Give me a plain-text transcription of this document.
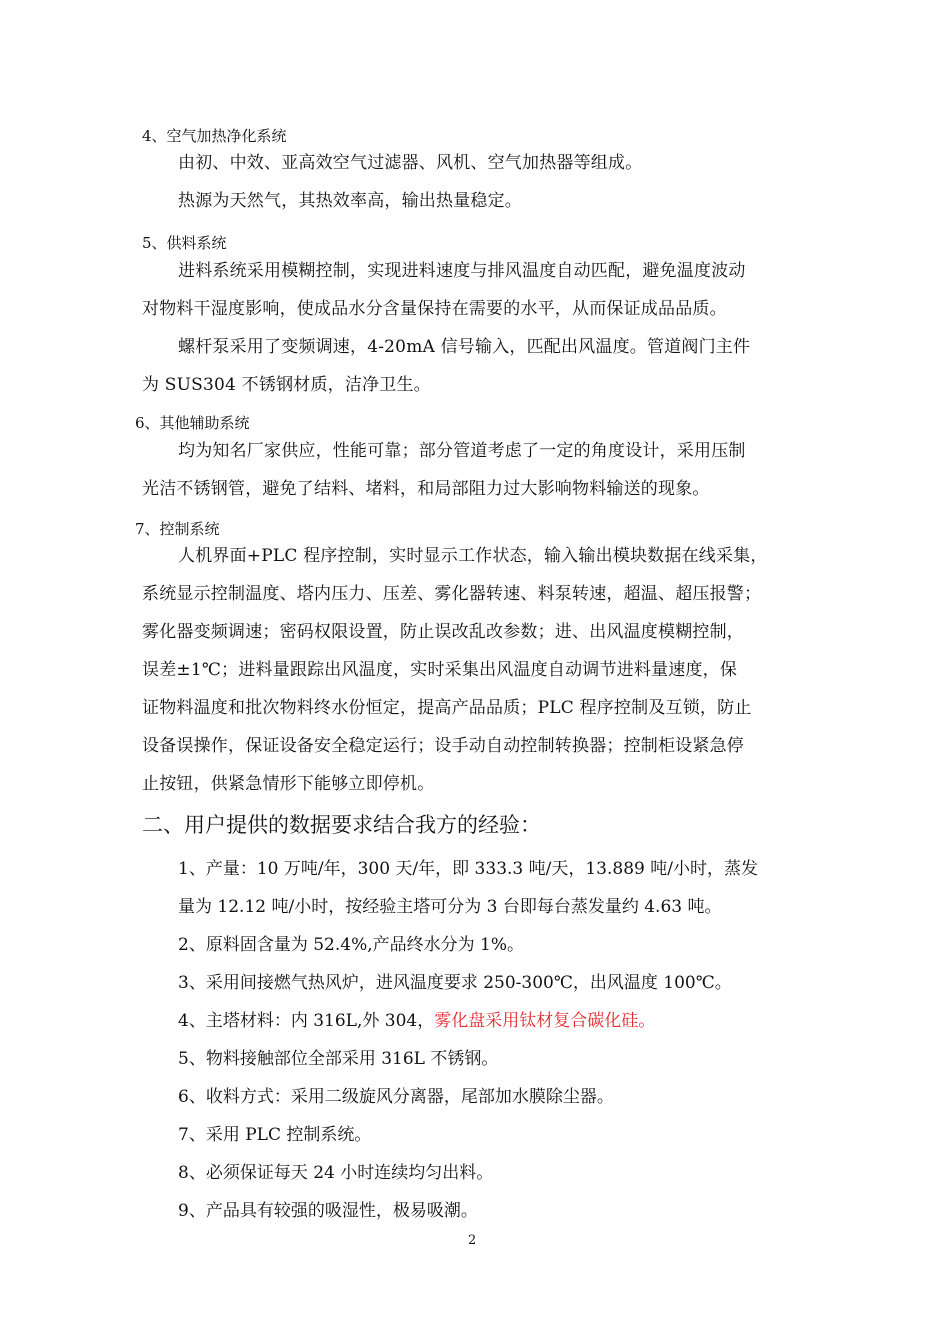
4、空气加热净化系统
由初、中效、亚高效空气过滤器、风机、空气加热器等组成。
热源为天然气，其热效率高，输出热量稳定。
5、供料系统
进料系统采用模糊控制，实现进料速度与排风温度自动匹配，避免温度波动
对物料干湿度影响，使成品水分含量保持在需要的水平，从而保证成品品质。
螺杆泵采用了变频调速，4-20mA 信号输入，匹配出风温度。管道阀门主件
为 SUS304 不锈钢材质，洁净卫生。
6、其他辅助系统
均为知名厂家供应，性能可靠；部分管道考虑了一定的角度设计，采用压制
光洁不锈钢管，避免了结料、堵料，和局部阻力过大影响物料输送的现象。
7、控制系统
人机界面+PLC 程序控制，实时显示工作状态，输入输出模块数据在线采集，
系统显示控制温度、塔内压力、压差、雾化器转速、料泵转速，超温、超压报警；
雾化器变频调速；密码权限设置，防止误改乱改参数；进、出风温度模糊控制，
误差±1℃；进料量跟踪出风温度，实时采集出风温度自动调节进料量速度，保
证物料温度和批次物料终水份恒定，提高产品品质；PLC 程序控制及互锁，防止
设备误操作，保证设备安全稳定运行；设手动自动控制转换器；控制柜设紧急停
止按钮，供紧急情形下能够立即停机。
二、用户提供的数据要求结合我方的经验：
1、产量：10 万吨/年，300 天/年，即 333.3 吨/天，13.889 吨/小时，蒸发
量为 12.12 吨/小时，按经验主塔可分为 3 台即每台蒸发量约 4.63 吨。
2、原料固含量为 52.4%,产品终水分为 1%。
3、采用间接燃气热风炉，进风温度要求 250-300℃，出风温度 100℃。
4、主塔材料：内 316L,外 304，雾化盘采用钛材复合碳化硅。
5、物料接触部位全部采用 316L 不锈钢。
6、收料方式：采用二级旋风分离器，尾部加水膜除尘器。
7、采用 PLC 控制系统。
8、必须保证每天 24 小时连续均匀出料。
9、产品具有较强的吸湿性，极易吸潮。
2
